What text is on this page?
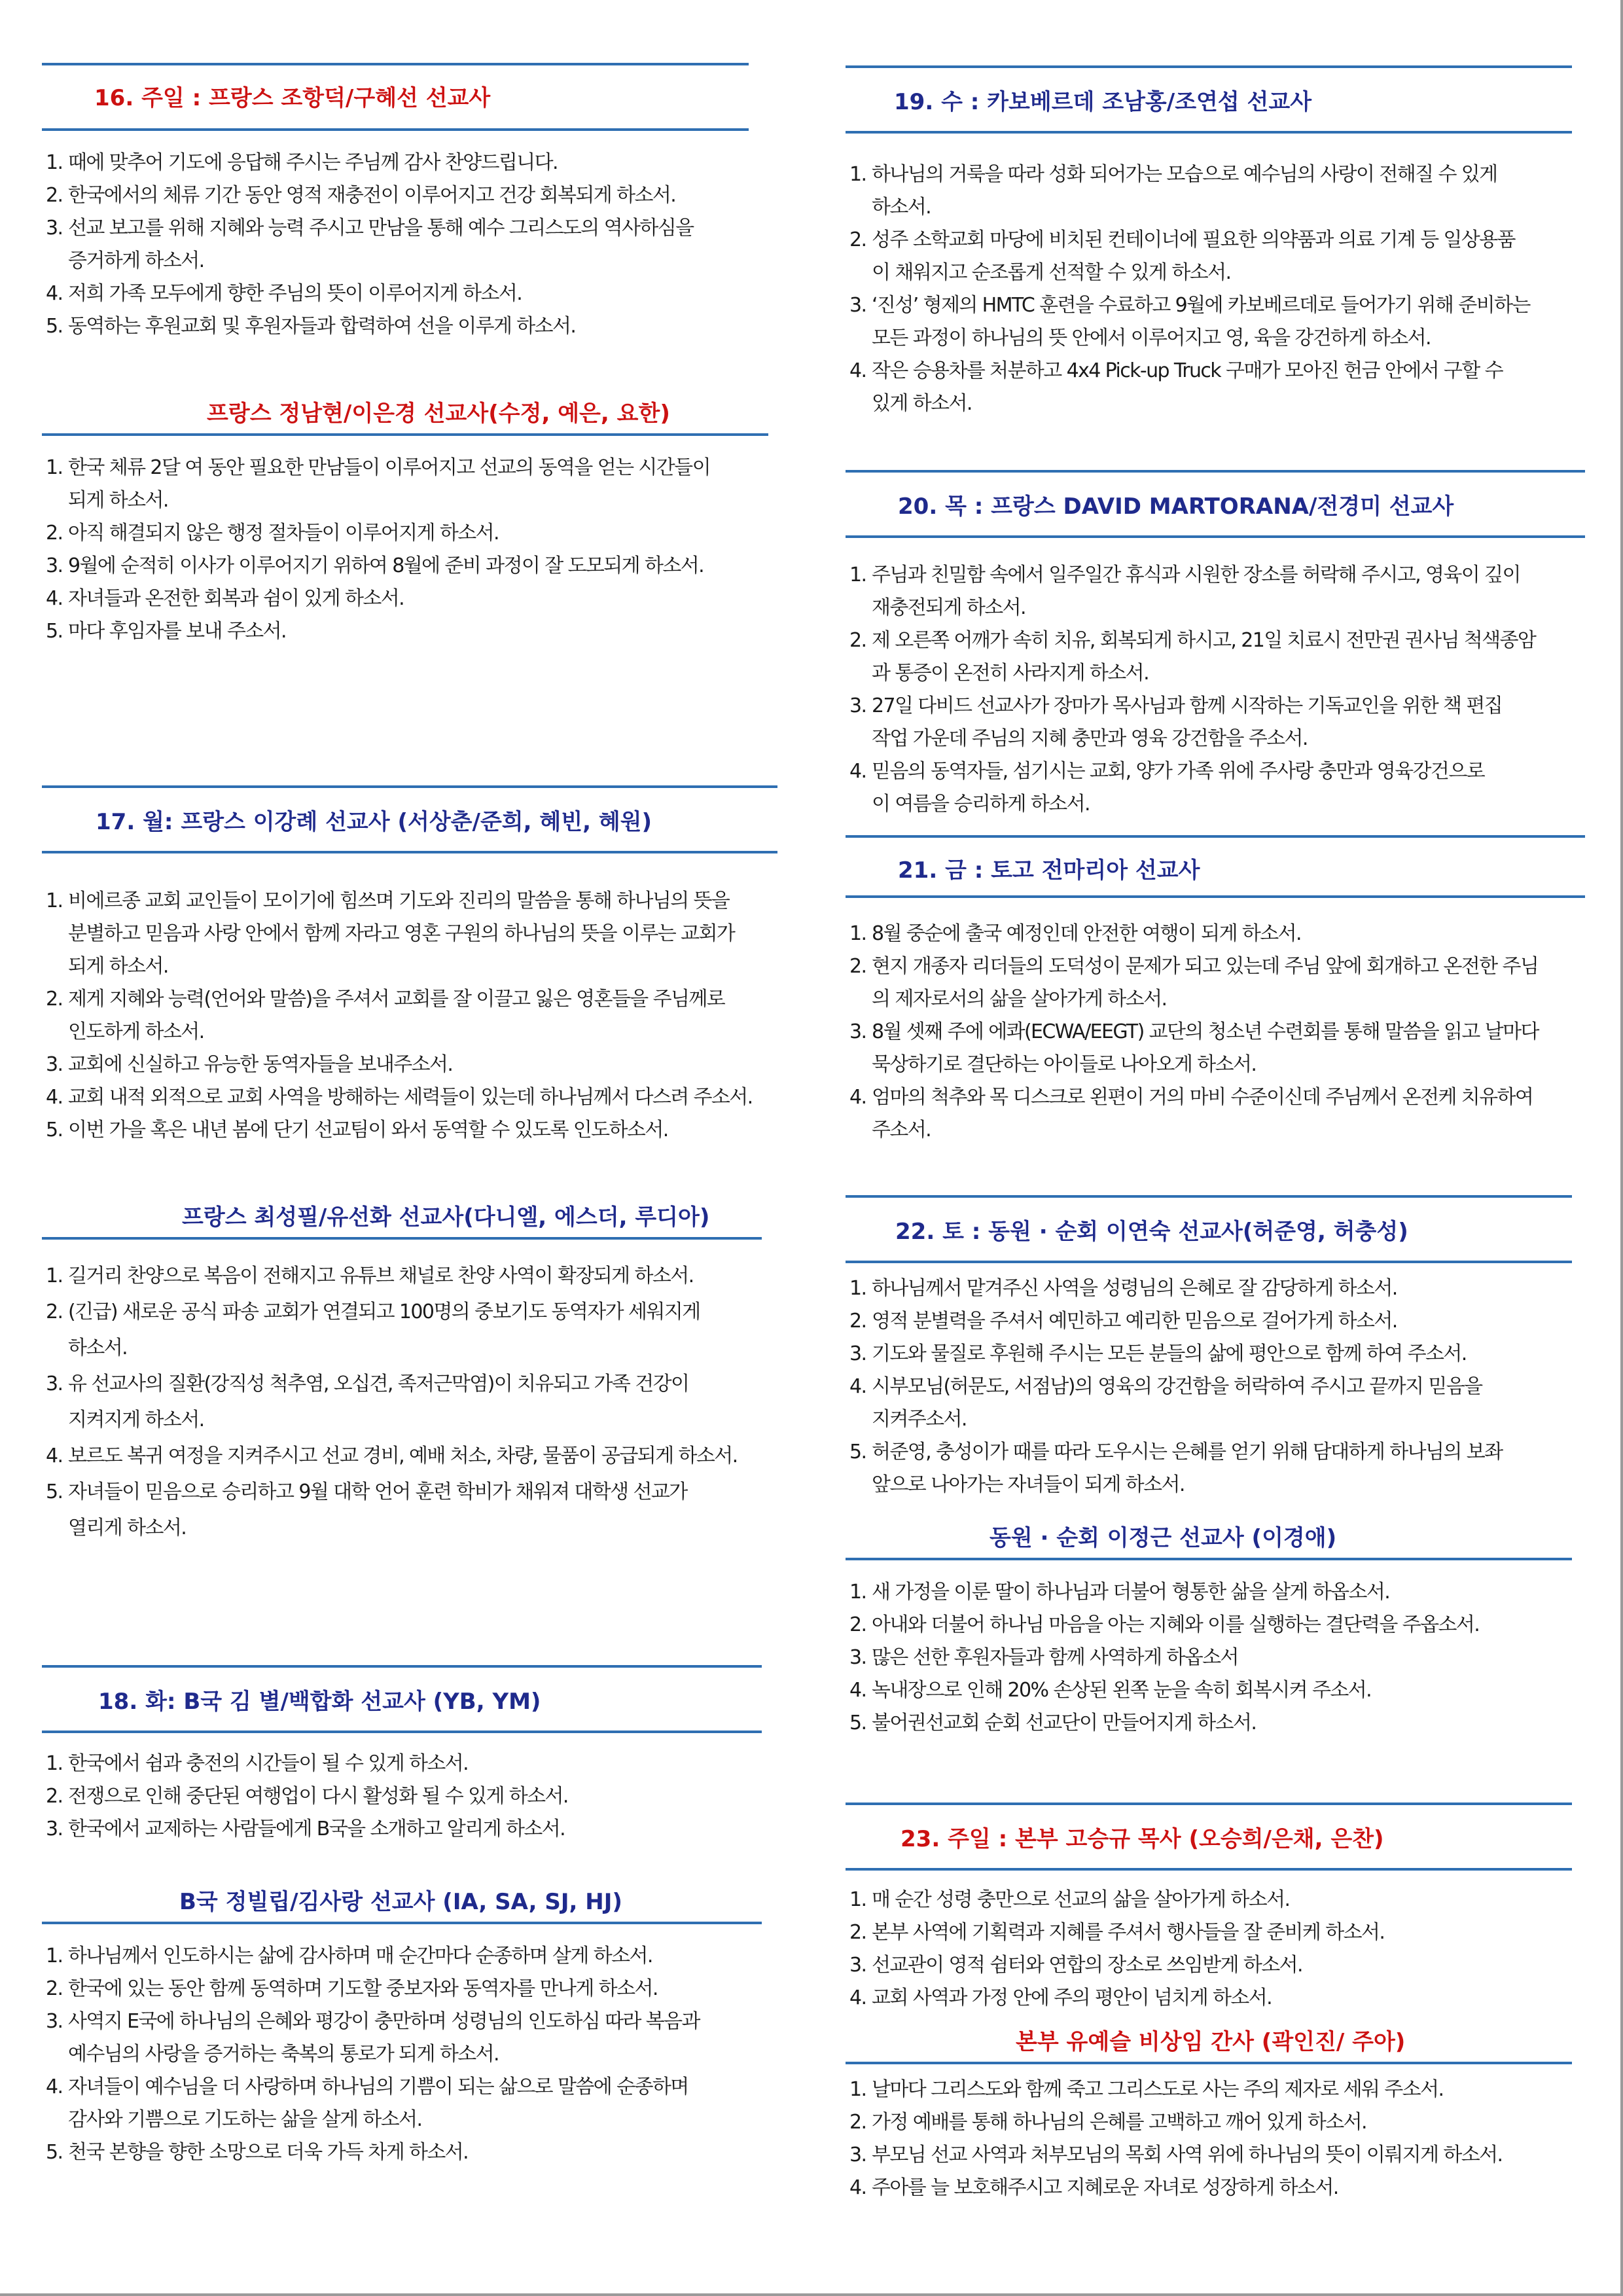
16. 주일 : 프랑스 조항덕/구혜선 선교사
1. 때에 맞추어 기도에 응답해 주시는 주님께 감사 찬양드립니다.
2. 한국에서의 체류 기간 동안 영적 재충전이 이루어지고 건강 회복되게 하소서.
3. 선교 보고를 위해 지혜와 능력 주시고 만남을 통해 예수 그리스도의 역사하심을
증거하게 하소서.
4. 저희 가족 모두에게 향한 주님의 뜻이 이루어지게 하소서.
5. 동역하는 후원교회 및 후원자들과 합력하여 선을 이루게 하소서.
프랑스 정남현/이은경 선교사(수정, 예은, 요한)
1. 한국 체류 2달 여 동안 필요한 만남들이 이루어지고 선교의 동역을 얻는 시간들이
되게 하소서.
2. 아직 해결되지 않은 행정 절차들이 이루어지게 하소서.
3. 9월에 순적히 이사가 이루어지기 위하여 8월에 준비 과정이 잘 도모되게 하소서.
4. 자녀들과 온전한 회복과 쉼이 있게 하소서.
5. 마다 후임자를 보내 주소서.
17. 월: 프랑스 이강례 선교사 (서상춘/준희, 혜빈, 혜원)
1. 비에르종 교회 교인들이 모이기에 힘쓰며 기도와 진리의 말씀을 통해 하나님의 뜻을
분별하고 믿음과 사랑 안에서 함께 자라고 영혼 구원의 하나님의 뜻을 이루는 교회가
되게 하소서.
2. 제게 지혜와 능력(언어와 말씀)을 주셔서 교회를 잘 이끌고 잃은 영혼들을 주님께로
인도하게 하소서.
3. 교회에 신실하고 유능한 동역자들을 보내주소서.
4. 교회 내적 외적으로 교회 사역을 방해하는 세력들이 있는데 하나님께서 다스려 주소서.
5. 이번 가을 혹은 내년 봄에 단기 선교팀이 와서 동역할 수 있도록 인도하소서.
프랑스 최성필/유선화 선교사(다니엘, 에스더, 루디아)
1. 길거리 찬양으로 복음이 전해지고 유튜브 채널로 찬양 사역이 확장되게 하소서.
2. (긴급) 새로운 공식 파송 교회가 연결되고 100명의 중보기도 동역자가 세워지게
하소서.
3. 유 선교사의 질환(강직성 척추염, 오십견, 족저근막염)이 치유되고 가족 건강이
지켜지게 하소서.
4. 보르도 복귀 여정을 지켜주시고 선교 경비, 예배 처소, 차량, 물품이 공급되게 하소서.
5. 자녀들이 믿음으로 승리하고 9월 대학 언어 훈련 학비가 채워져 대학생 선교가
열리게 하소서.
18. 화: B국 김 별/백합화 선교사 (YB, YM)
1. 한국에서 쉼과 충전의 시간들이 될 수 있게 하소서.
2. 전쟁으로 인해 중단된 여행업이 다시 활성화 될 수 있게 하소서.
3. 한국에서 교제하는 사람들에게 B국을 소개하고 알리게 하소서.
B국 정빌립/김사랑 선교사 (IA, SA, SJ, HJ)
1. 하나님께서 인도하시는 삶에 감사하며 매 순간마다 순종하며 살게 하소서.
2. 한국에 있는 동안 함께 동역하며 기도할 중보자와 동역자를 만나게 하소서.
3. 사역지 E국에 하나님의 은혜와 평강이 충만하며 성령님의 인도하심 따라 복음과
예수님의 사랑을 증거하는 축복의 통로가 되게 하소서.
4. 자녀들이 예수님을 더 사랑하며 하나님의 기쁨이 되는 삶으로 말씀에 순종하며
감사와 기쁨으로 기도하는 삶을 살게 하소서.
5. 천국 본향을 향한 소망으로 더욱 가득 차게 하소서.
19. 수 : 카보베르데 조남홍/조연섭 선교사
1. 하나님의 거룩을 따라 성화 되어가는 모습으로 예수님의 사랑이 전해질 수 있게
하소서.
2. 성주 소학교회 마당에 비치된 컨테이너에 필요한 의약품과 의료 기계 등 일상용품
이 채워지고 순조롭게 선적할 수 있게 하소서.
3. ‘진성’ 형제의 HMTC 훈련을 수료하고 9월에 카보베르데로 들어가기 위해 준비하는
모든 과정이 하나님의 뜻 안에서 이루어지고 영, 육을 강건하게 하소서.
4. 작은 승용차를 처분하고 4x4 Pick-up Truck 구매가 모아진 헌금 안에서 구할 수
있게 하소서.
20. 목 : 프랑스 DAVID MARTORANA/전경미 선교사
1. 주님과 친밀함 속에서 일주일간 휴식과 시원한 장소를 허락해 주시고, 영육이 깊이
재충전되게 하소서.
2. 제 오른쪽 어깨가 속히 치유, 회복되게 하시고, 21일 치료시 전만권 권사님 척색종암
과 통증이 온전히 사라지게 하소서.
3. 27일 다비드 선교사가 장마가 목사님과 함께 시작하는 기독교인을 위한 책 편집
작업 가운데 주님의 지혜 충만과 영육 강건함을 주소서.
4. 믿음의 동역자들, 섬기시는 교회, 양가 가족 위에 주사랑 충만과 영육강건으로
이 여름을 승리하게 하소서.
21. 금 : 토고 전마리아 선교사
1. 8월 중순에 출국 예정인데 안전한 여행이 되게 하소서.
2. 현지 개종자 리더들의 도덕성이 문제가 되고 있는데 주님 앞에 회개하고 온전한 주님
의 제자로서의 삶을 살아가게 하소서.
3. 8월 셋째 주에 에콰(ECWA/EEGT) 교단의 청소년 수련회를 통해 말씀을 읽고 날마다
묵상하기로 결단하는 아이들로 나아오게 하소서.
4. 엄마의 척추와 목 디스크로 왼편이 거의 마비 수준이신데 주님께서 온전케 치유하여
주소서.
22. 토 : 동원 · 순회 이연숙 선교사(허준영, 허충성)
1. 하나님께서 맡겨주신 사역을 성령님의 은혜로 잘 감당하게 하소서.
2. 영적 분별력을 주셔서 예민하고 예리한 믿음으로 걸어가게 하소서.
3. 기도와 물질로 후원해 주시는 모든 분들의 삶에 평안으로 함께 하여 주소서.
4. 시부모님(허문도, 서점남)의 영육의 강건함을 허락하여 주시고 끝까지 믿음을
지켜주소서.
5. 허준영, 충성이가 때를 따라 도우시는 은혜를 얻기 위해 담대하게 하나님의 보좌
앞으로 나아가는 자녀들이 되게 하소서.
동원 · 순회 이정근 선교사 (이경애)
1. 새 가정을 이룬 딸이 하나님과 더불어 형통한 삶을 살게 하옵소서.
2. 아내와 더불어 하나님 마음을 아는 지혜와 이를 실행하는 결단력을 주옵소서.
3. 많은 선한 후원자들과 함께 사역하게 하옵소서
4. 녹내장으로 인해 20% 손상된 왼쪽 눈을 속히 회복시켜 주소서.
5. 불어권선교회 순회 선교단이 만들어지게 하소서.
23. 주일 : 본부 고승규 목사 (오승희/은채, 은찬)
1. 매 순간 성령 충만으로 선교의 삶을 살아가게 하소서.
2. 본부 사역에 기획력과 지혜를 주셔서 행사들을 잘 준비케 하소서.
3. 선교관이 영적 쉼터와 연합의 장소로 쓰임받게 하소서.
4. 교회 사역과 가정 안에 주의 평안이 넘치게 하소서.
본부 유예슬 비상임 간사 (곽인진/ 주아)
1. 날마다 그리스도와 함께 죽고 그리스도로 사는 주의 제자로 세워 주소서.
2. 가정 예배를 통해 하나님의 은혜를 고백하고 깨어 있게 하소서.
3. 부모님 선교 사역과 처부모님의 목회 사역 위에 하나님의 뜻이 이뤄지게 하소서.
4. 주아를 늘 보호해주시고 지혜로운 자녀로 성장하게 하소서.
